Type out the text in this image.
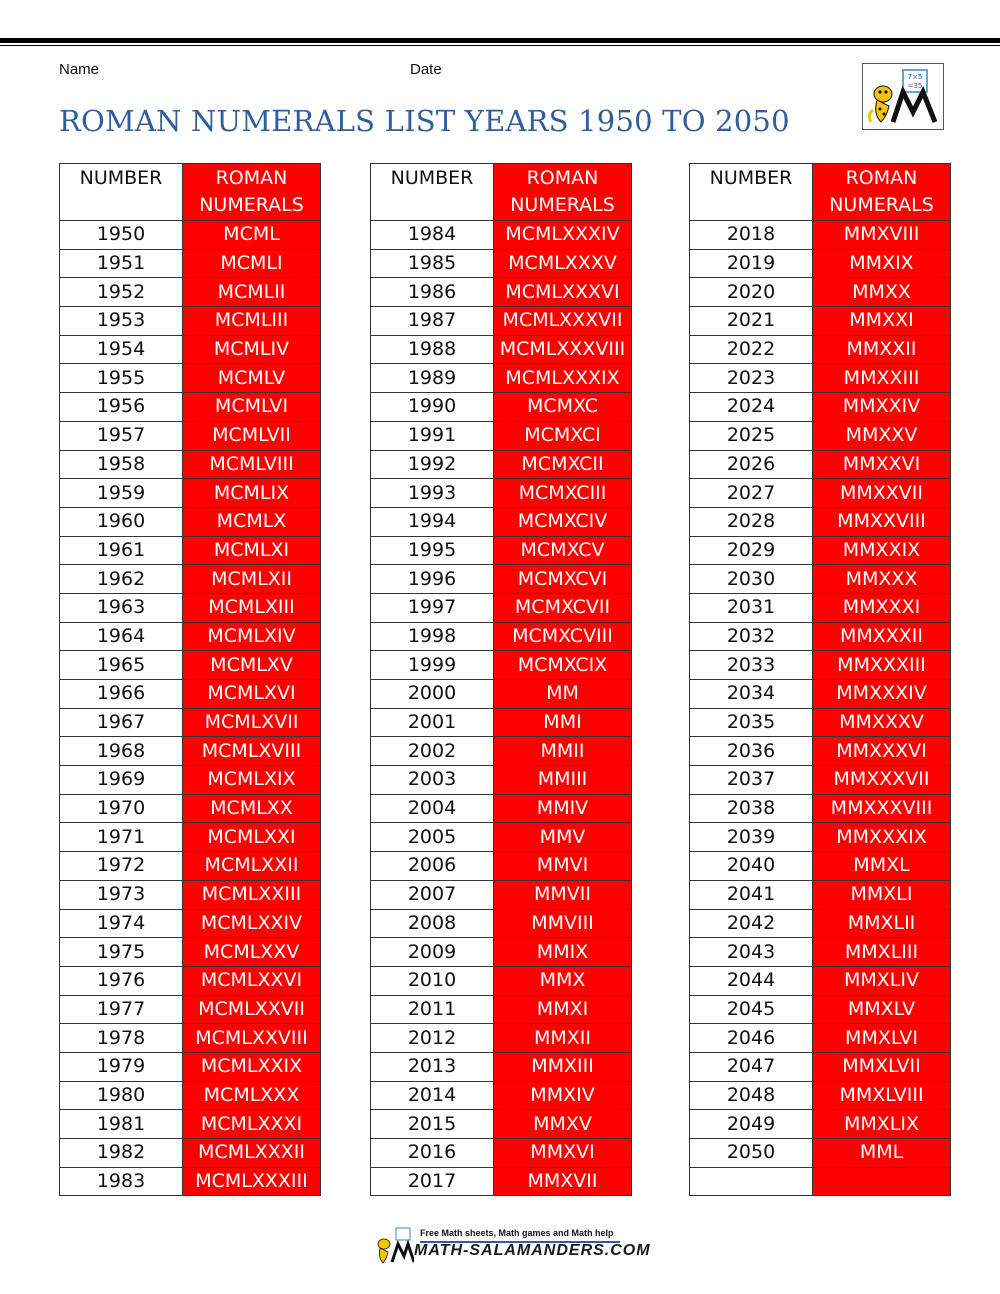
Name	Date	7×5
=35
ROMAN NUMERALS LIST YEARS 1950 TO 2050
NUMBER	ROMAN
NUMERALS

1950	MCML
1951	MCMLI
1952	MCMLII
1953	MCMLIII
1954	MCMLIV
1955	MCMLV
1956	MCMLVI
1957	MCMLVII
1958	MCMLVIII
1959	MCMLIX
1960	MCMLX
1961	MCMLXI
1962	MCMLXII
1963	MCMLXIII
1964	MCMLXIV
1965	MCMLXV
1966	MCMLXVI
1967	MCMLXVII
1968	MCMLXVIII
1969	MCMLXIX
1970	MCMLXX
1971	MCMLXXI
1972	MCMLXXII
1973	MCMLXXIII
1974	MCMLXXIV
1975	MCMLXXV
1976	MCMLXXVI
1977	MCMLXXVII
1978	MCMLXXVIII
1979	MCMLXXIX
1980	MCMLXXX
1981	MCMLXXXI
1982	MCMLXXXII
1983	MCMLXXXIII
NUMBER	ROMAN
NUMERALS

1984	MCMLXXXIV
1985	MCMLXXXV
1986	MCMLXXXVI
1987	MCMLXXXVII
1988	MCMLXXXVIII
1989	MCMLXXXIX
1990	MCMXC
1991	MCMXCI
1992	MCMXCII
1993	MCMXCIII
1994	MCMXCIV
1995	MCMXCV
1996	MCMXCVI
1997	MCMXCVII
1998	MCMXCVIII
1999	MCMXCIX
2000	MM
2001	MMI
2002	MMII
2003	MMIII
2004	MMIV
2005	MMV
2006	MMVI
2007	MMVII
2008	MMVIII
2009	MMIX
2010	MMX
2011	MMXI
2012	MMXII
2013	MMXIII
2014	MMXIV
2015	MMXV
2016	MMXVI
2017	MMXVII
NUMBER	ROMAN
NUMERALS

2018	MMXVIII
2019	MMXIX
2020	MMXX
2021	MMXXI
2022	MMXXII
2023	MMXXIII
2024	MMXXIV
2025	MMXXV
2026	MMXXVI
2027	MMXXVII
2028	MMXXVIII
2029	MMXXIX
2030	MMXXX
2031	MMXXXI
2032	MMXXXII
2033	MMXXXIII
2034	MMXXXIV
2035	MMXXXV
2036	MMXXXVI
2037	MMXXXVII
2038	MMXXXVIII
2039	MMXXXIX
2040	MMXL
2041	MMXLI
2042	MMXLII
2043	MMXLIII
2044	MMXLIV
2045	MMXLV
2046	MMXLVI
2047	MMXLVII
2048	MMXLVIII
2049	MMXLIX
2050	MML

Free Math sheets, Math games and Math help
MATH-SALAMANDERS.COM
